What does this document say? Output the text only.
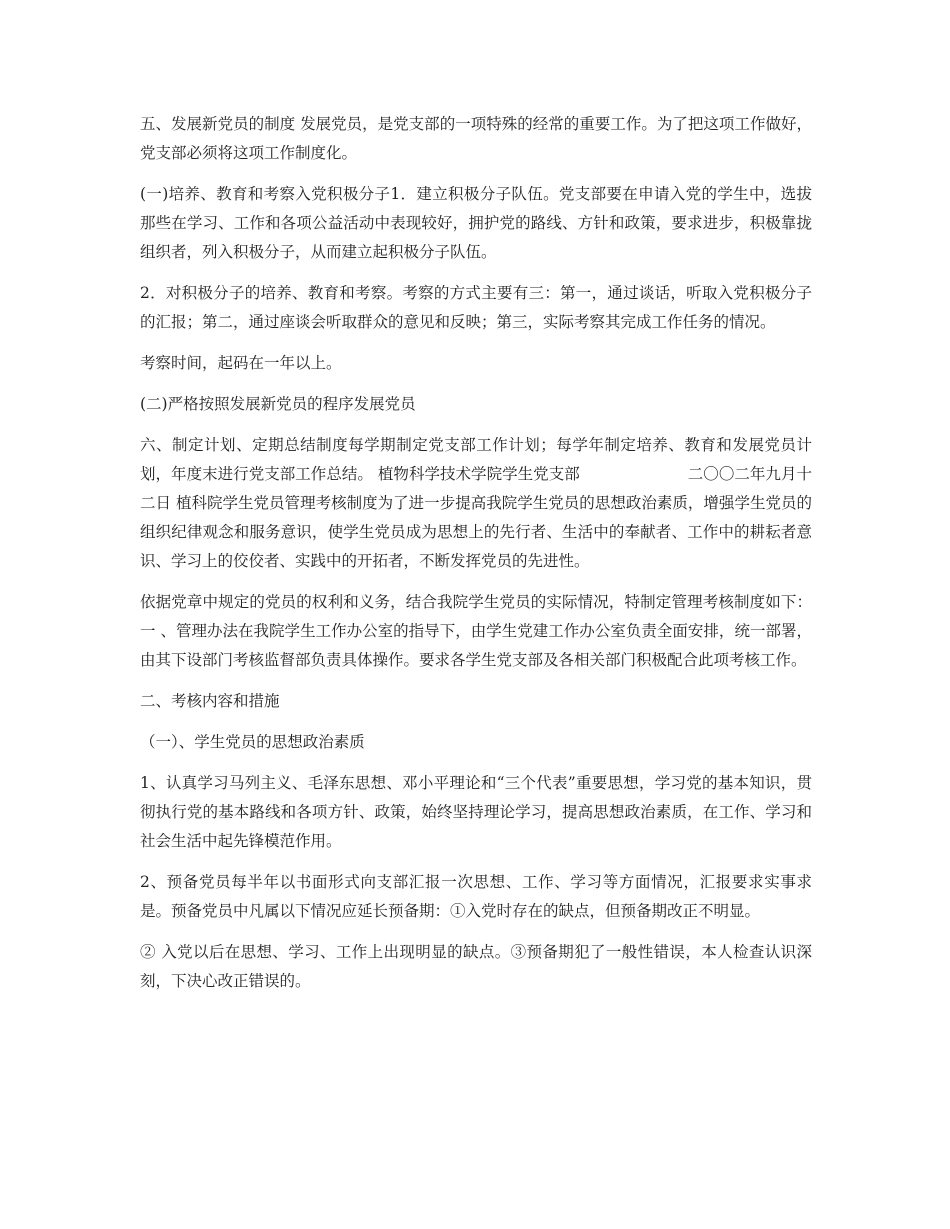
五、发展新党员的制度 发展党员，是党支部的一项特殊的经常的重要工作。为了把这项工作做好，党支部必须将这项工作制度化。

(一)培养、教育和考察入党积极分子1．建立积极分子队伍。党支部要在申请入党的学生中，选拔那些在学习、工作和各项公益活动中表现较好，拥护党的路线、方针和政策，要求进步，积极靠拢组织者，列入积极分子，从而建立起积极分子队伍。

2．对积极分子的培养、教育和考察。考察的方式主要有三：第一，通过谈话，听取入党积极分子的汇报；第二，通过座谈会听取群众的意见和反映；第三，实际考察其完成工作任务的情况。

考察时间，起码在一年以上。

(二)严格按照发展新党员的程序发展党员

六、制定计划、定期总结制度每学期制定党支部工作计划；每学年制定培养、教育和发展党员计划，年度末进行党支部工作总结。 植物科学技术学院学生党支部	二〇〇二年九月十二日 植科院学生党员管理考核制度为了进一步提高我院学生党员的思想政治素质，增强学生党员的组织纪律观念和服务意识，使学生党员成为思想上的先行者、生活中的奉献者、工作中的耕耘者意识、学习上的佼佼者、实践中的开拓者，不断发挥党员的先进性。

依据党章中规定的党员的权利和义务，结合我院学生党员的实际情况，特制定管理考核制度如下：一 、管理办法在我院学生工作办公室的指导下，由学生党建工作办公室负责全面安排，统一部署，由其下设部门考核监督部负责具体操作。要求各学生党支部及各相关部门积极配合此项考核工作。

二、考核内容和措施

（一）、学生党员的思想政治素质

1、认真学习马列主义、毛泽东思想、邓小平理论和“三个代表”重要思想，学习党的基本知识，贯彻执行党的基本路线和各项方针、政策，始终坚持理论学习，提高思想政治素质，在工作、学习和社会生活中起先锋模范作用。

2、预备党员每半年以书面形式向支部汇报一次思想、工作、学习等方面情况，汇报要求实事求是。预备党员中凡属以下情况应延长预备期：①入党时存在的缺点，但预备期改正不明显。

② 入党以后在思想、学习、工作上出现明显的缺点。③预备期犯了一般性错误，本人检查认识深刻，下决心改正错误的。
